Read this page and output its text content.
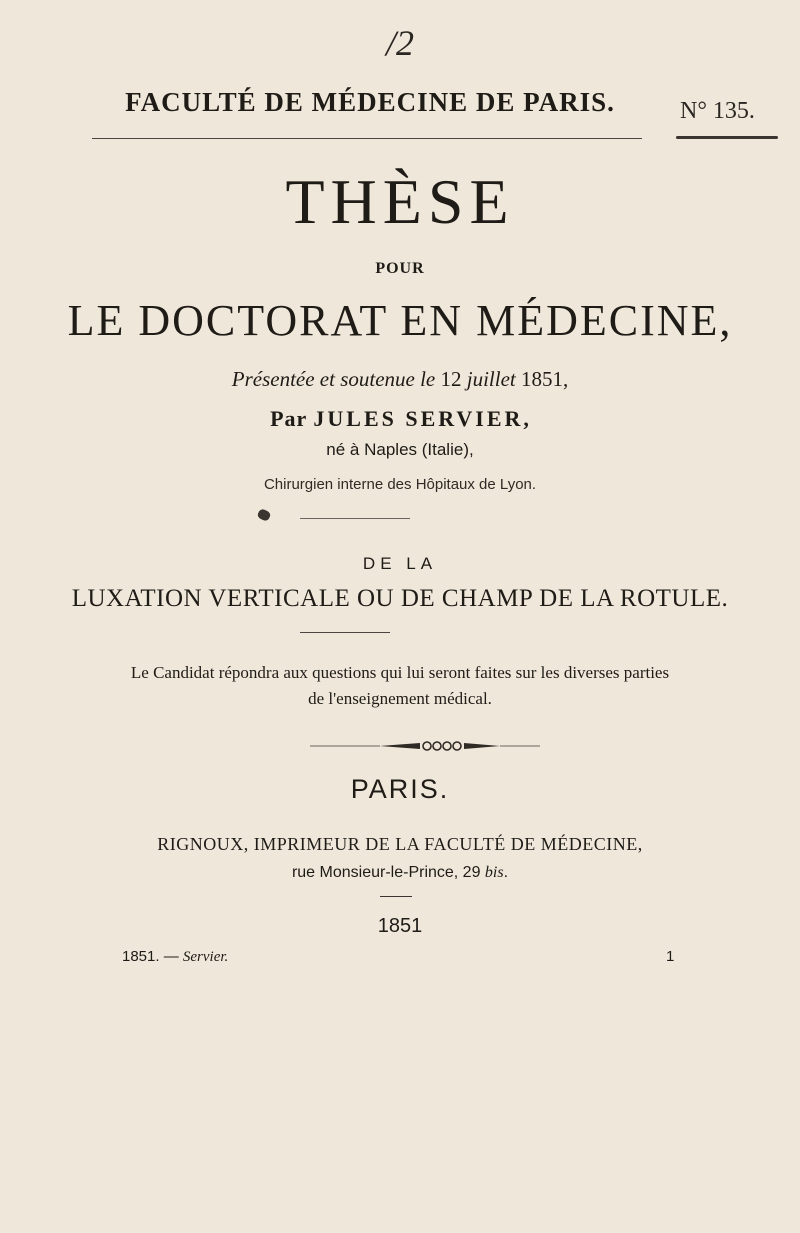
/2
FACULTÉ DE MÉDECINE DE PARIS.	N° 135.
THÈSE
POUR
LE DOCTORAT EN MÉDECINE,
Présentée et soutenue le 12 juillet 1851,
Par JULES SERVIER,
né à Naples (Italie),
Chirurgien interne des Hôpitaux de Lyon.
DE LA
LUXATION VERTICALE OU DE CHAMP DE LA ROTULE.
Le Candidat répondra aux questions qui lui seront faites sur les diverses parties
de l'enseignement médical.
PARIS.
RIGNOUX, IMPRIMEUR DE LA FACULTÉ DE MÉDECINE,
rue Monsieur-le-Prince, 29 bis.
1851
1851. — Servier.	1
